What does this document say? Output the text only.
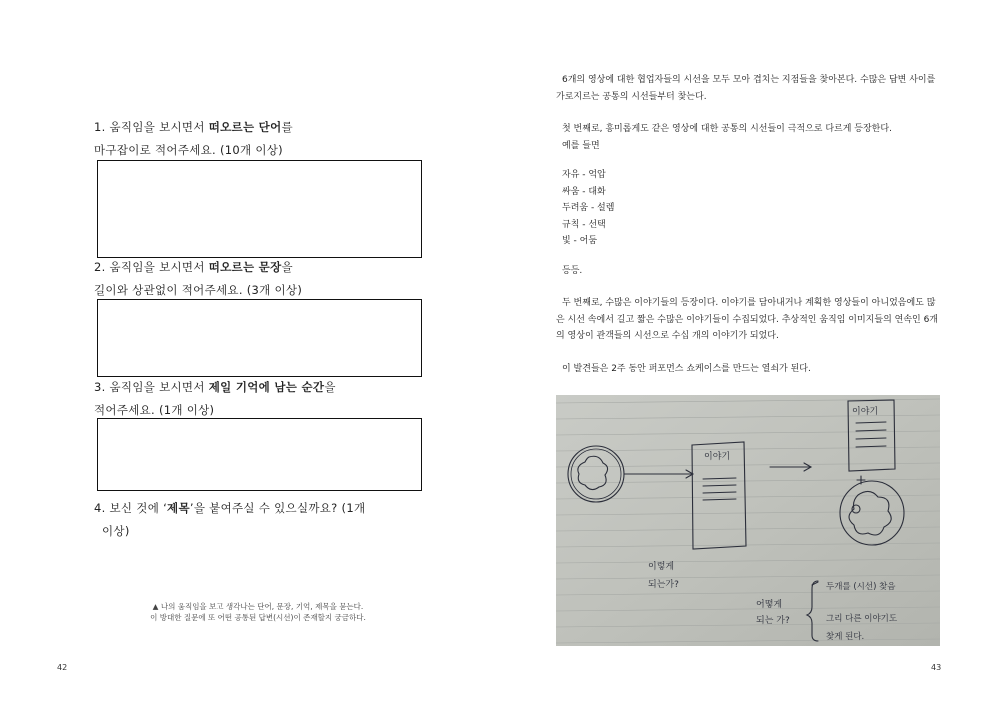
1. 움직임을 보시면서 떠오르는 단어를
마구잡이로 적어주세요. (10개 이상)
2. 움직임을 보시면서 떠오르는 문장을
길이와 상관없이 적어주세요. (3개 이상)
3. 움직임을 보시면서 제일 기억에 남는 순간을
적어주세요. (1개 이상)
4. 보신 것에 ‘제목’을 붙여주실 수 있으실까요? (1개
이상)
▲ 나의 움직임을 보고 생각나는 단어, 문장, 기억, 제목을 묻는다.
이 방대한 질문에 또 어떤 공통된 답변(시선)이 존재할지 궁금하다.
42

6개의 영상에 대한 협업자들의 시선을 모두 모아 겹치는 지점들을 찾아본다. 수많은 답변 사이를 가로지르는 공통의 시선들부터 찾는다.

첫 번째로, 흥미롭게도 같은 영상에 대한 공통의 시선들이 극적으로 다르게 등장한다.

예를 들면

자유 - 억압

싸움 - 대화

두려움 - 설렘

규칙 - 선택

빛 - 어둠

등등.

두 번째로, 수많은 이야기들의 등장이다. 이야기를 담아내거나 계획한 영상들이 아니었음에도 많은 시선 속에서 길고 짧은 수많은 이야기들이 수집되었다. 추상적인 움직임 이미지들의 연속인 6개의 영상이 관객들의 시선으로 수십 개의 이야기가 되었다.

이 발견들은 2주 동안 퍼포먼스 쇼케이스를 만드는 열쇠가 된다.
이야기
이야기
이렇게
되는가?
어떻게
되는 가?
두개를 (시선) 찾음
그리 다른 이야기도
찾게 된다.
43
